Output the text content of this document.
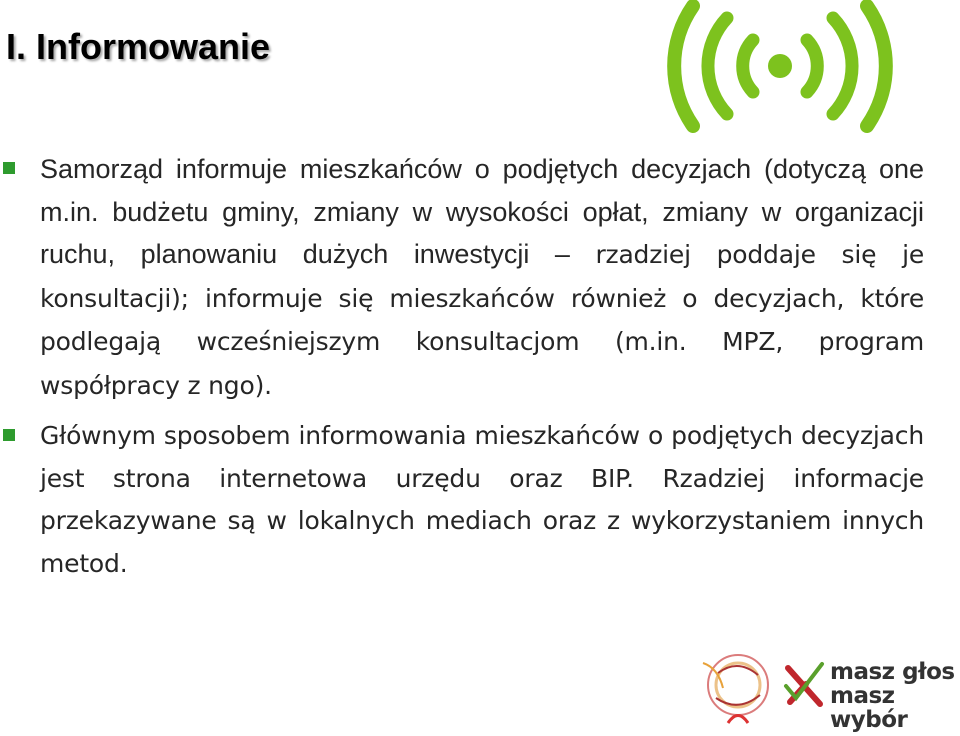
I. Informowanie
Samorząd informuje mieszkańców o podjętych decyzjach (dotyczą one m.in. budżetu gminy, zmiany w wysokości opłat, zmiany w organizacji ruchu, planowaniu dużych inwestycji – rzadziej poddaje się je konsultacji); informuje się mieszkańców również o decyzjach, które podlegają wcześniejszym konsultacjom (m.in. MPZ, program współpracy z ngo).
Głównym sposobem informowania mieszkańców o podjętych decyzjach jest strona internetowa urzędu oraz BIP. Rzadziej informacje przekazywane są w lokalnych mediach oraz z wykorzystaniem innych metod.
masz głos
masz wybór
